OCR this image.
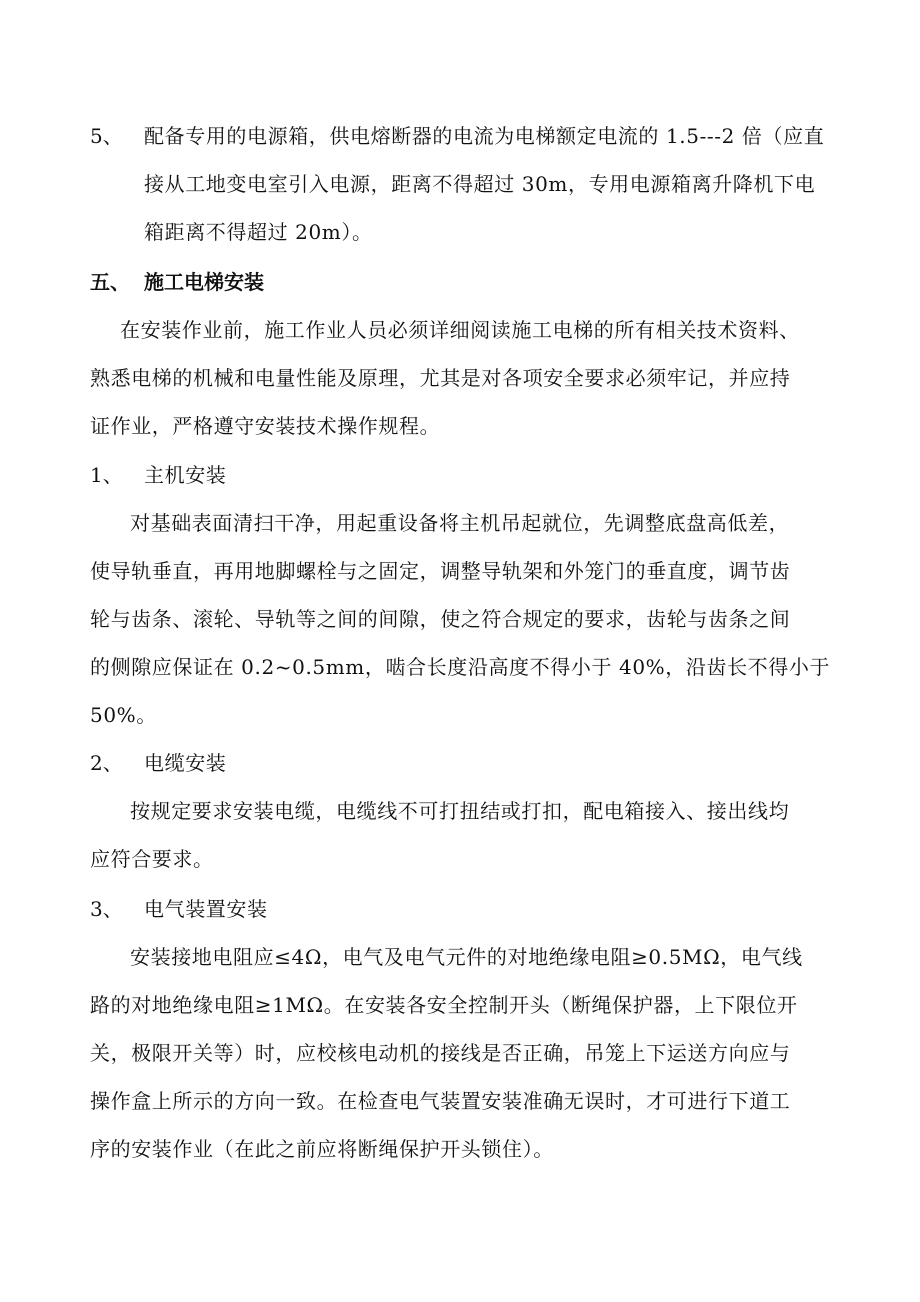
5、 配备专用的电源箱，供电熔断器的电流为电梯额定电流的 1.5---2 倍（应直
接从工地变电室引入电源，距离不得超过 30m，专用电源箱离升降机下电
箱距离不得超过 20m）。
五、 施工电梯安装
在安装作业前，施工作业人员必须详细阅读施工电梯的所有相关技术资料、
熟悉电梯的机械和电量性能及原理，尤其是对各项安全要求必须牢记，并应持
证作业，严格遵守安装技术操作规程。
1、 主机安装
对基础表面清扫干净，用起重设备将主机吊起就位，先调整底盘高低差，
使导轨垂直，再用地脚螺栓与之固定，调整导轨架和外笼门的垂直度，调节齿
轮与齿条、滚轮、导轨等之间的间隙，使之符合规定的要求，齿轮与齿条之间
的侧隙应保证在 0.2~0.5mm，啮合长度沿高度不得小于 40%，沿齿长不得小于
50%。
2、 电缆安装
按规定要求安装电缆，电缆线不可打扭结或打扣，配电箱接入、接出线均
应符合要求。
3、 电气装置安装
安装接地电阻应≤4Ω，电气及电气元件的对地绝缘电阻≥0.5MΩ，电气线
路的对地绝缘电阻≥1MΩ。在安装各安全控制开头（断绳保护器，上下限位开
关，极限开关等）时，应校核电动机的接线是否正确，吊笼上下运送方向应与
操作盒上所示的方向一致。在检查电气装置安装准确无误时，才可进行下道工
序的安装作业（在此之前应将断绳保护开头锁住）。
